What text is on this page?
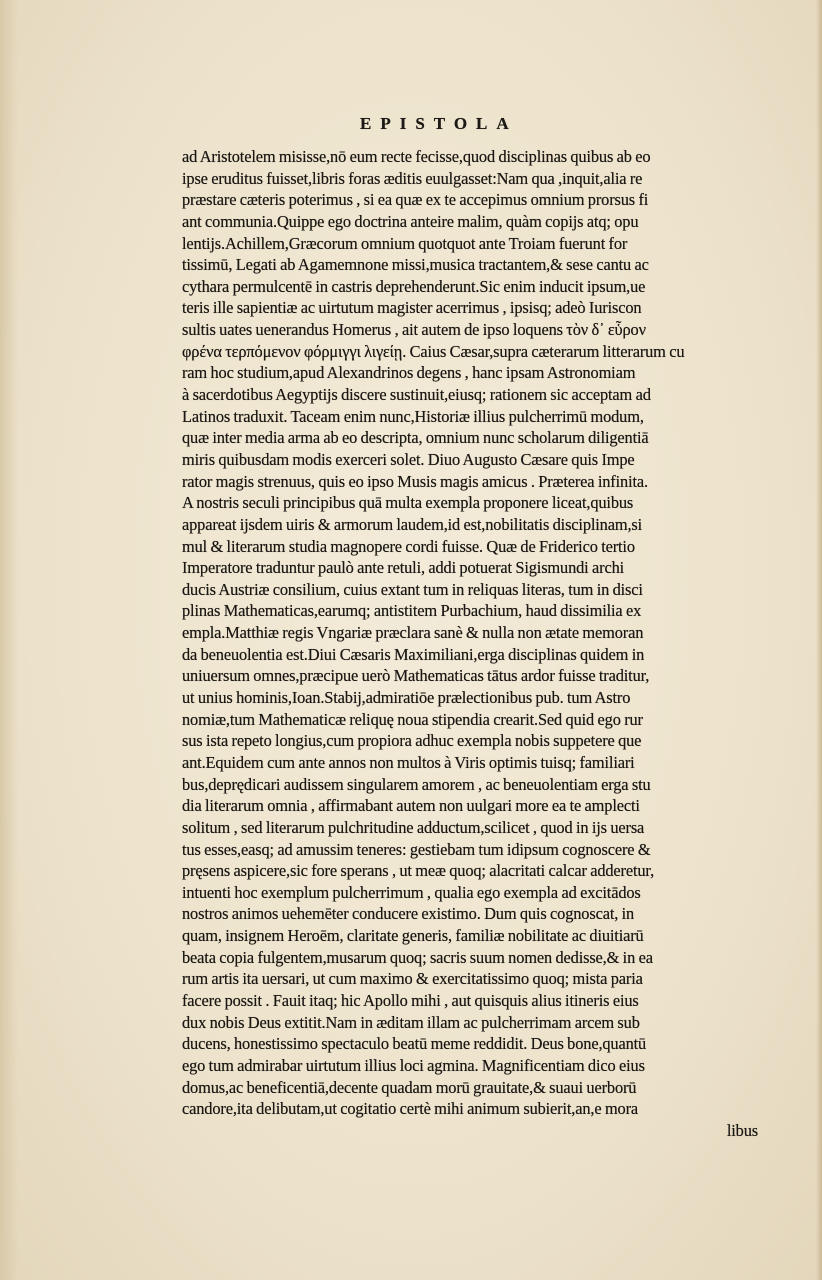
EPISTOLA
ad Aristotelem misisse,nō eum recte fecisse,quod disciplinas quibus ab eo
ipse eruditus fuisset,libris foras æditis euulgasset:Nam qua ,inquit,alia re
præstare cæteris poterimus , si ea quæ ex te accepimus omnium prorsus fi
ant communia.Quippe ego doctrina anteire malim, quàm copijs atq; opu
lentijs.Achillem,Græcorum omnium quotquot ante Troiam fuerunt for
tissimū, Legati ab Agamemnone missi,musica tractantem,& sese cantu ac
cythara permulcentē in castris deprehenderunt.Sic enim inducit ipsum,ue
teris ille sapientiæ ac uirtutum magister acerrimus , ipsisq; adeò Iuriscon
sultis uates uenerandus Homerus , ait autem de ipso loquens τὸν δ᾽ εὗρον
φρένα τερπόμενον φόρμιγγι λιγείῃ. Caius Cæsar,supra cæterarum litterarum cu
ram hoc studium,apud Alexandrinos degens , hanc ipsam Astronomiam
à sacerdotibus Aegyptijs discere sustinuit,eiusq; rationem sic acceptam ad
Latinos traduxit. Taceam enim nunc,Historiæ illius pulcherrimū modum,
quæ inter media arma ab eo descripta, omnium nunc scholarum diligentiā
miris quibusdam modis exerceri solet. Diuo Augusto Cæsare quis Impe
rator magis strenuus, quis eo ipso Musis magis amicus . Præterea infinita.
A nostris seculi principibus quā multa exempla proponere liceat,quibus
appareat ijsdem uiris & armorum laudem,id est,nobilitatis disciplinam,si
mul & literarum studia magnopere cordi fuisse. Quæ de Friderico tertio
Imperatore traduntur paulò ante retuli, addi potuerat Sigismundi archi
ducis Austriæ consilium, cuius extant tum in reliquas literas, tum in disci
plinas Mathematicas,earumq; antistitem Purbachium, haud dissimilia ex
empla.Matthiæ regis Vngariæ præclara sanè & nulla non ætate memoran
da beneuolentia est.Diui Cæsaris Maximiliani,erga disciplinas quidem in
uniuersum omnes,præcipue uerò Mathematicas tātus ardor fuisse traditur,
ut unius hominis,Ioan.Stabij,admiratiōe prælectionibus pub. tum Astro
nomiæ,tum Mathematicæ reliquę noua stipendia crearit.Sed quid ego rur
sus ista repeto longius,cum propiora adhuc exempla nobis suppetere que
ant.Equidem cum ante annos non multos à Viris optimis tuisq; familiari
bus,deprędicari audissem singularem amorem , ac beneuolentiam erga stu
dia literarum omnia , affirmabant autem non uulgari more ea te amplecti
solitum , sed literarum pulchritudine adductum,scilicet , quod in ijs uersa
tus esses,easq; ad amussim teneres: gestiebam tum idipsum cognoscere &
pręsens aspicere,sic fore sperans , ut meæ quoq; alacritati calcar adderetur,
intuenti hoc exemplum pulcherrimum , qualia ego exempla ad excitādos
nostros animos uehemēter conducere existimo. Dum quis cognoscat, in
quam, insignem Heroēm, claritate generis, familiæ nobilitate ac diuitiarū
beata copia fulgentem,musarum quoq; sacris suum nomen dedisse,& in ea
rum artis ita uersari, ut cum maximo & exercitatissimo quoq; mista paria
facere possit . Fauit itaq; hic Apollo mihi , aut quisquis alius itineris eius
dux nobis Deus extitit.Nam in æditam illam ac pulcherrimam arcem sub
ducens, honestissimo spectaculo beatū meme reddidit. Deus bone,quantū
ego tum admirabar uirtutum illius loci agmina. Magnificentiam dico eius
domus,ac beneficentiā,decente quadam morū grauitate,& suaui uerborū
candore,ita delibutam,ut cogitatio certè mihi animum subierit,an,e mora
libus
